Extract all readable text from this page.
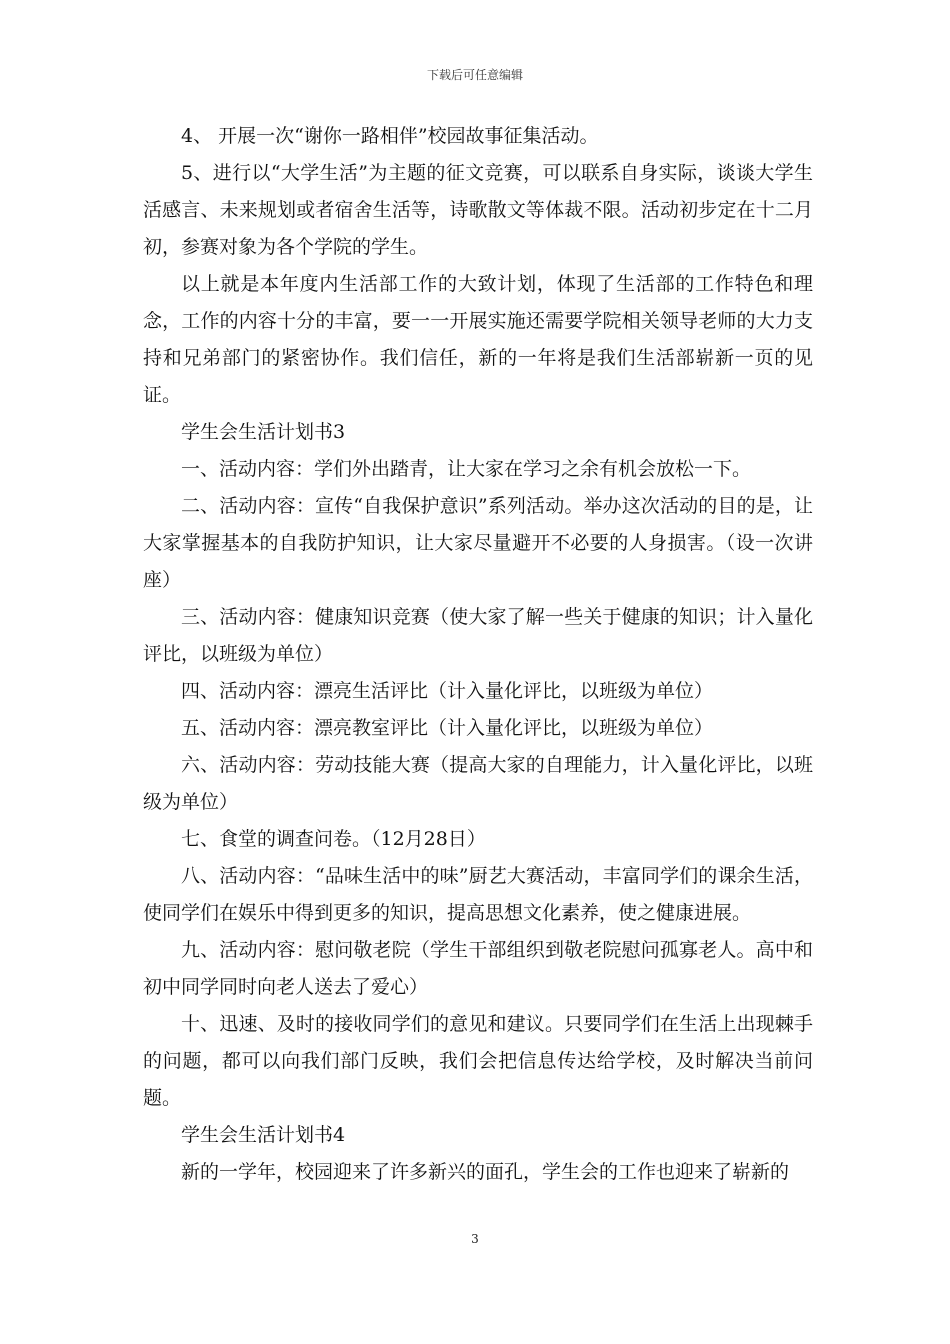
下载后可任意编辑

4、 开展一次“谢你一路相伴”校园故事征集活动。

5、进行以“大学生活”为主题的征文竞赛，可以联系自身实际，谈谈大学生活感言、未来规划或者宿舍生活等，诗歌散文等体裁不限。活动初步定在十二月初，参赛对象为各个学院的学生。

以上就是本年度内生活部工作的大致计划，体现了生活部的工作特色和理念，工作的内容十分的丰富，要一一开展实施还需要学院相关领导老师的大力支持和兄弟部门的紧密协作。我们信任，新的一年将是我们生活部崭新一页的见证。

学生会生活计划书3

一、活动内容：学们外出踏青，让大家在学习之余有机会放松一下。

二、活动内容：宣传“自我保护意识”系列活动。举办这次活动的目的是，让大家掌握基本的自我防护知识，让大家尽量避开不必要的人身损害。（设一次讲座）

三、活动内容：健康知识竞赛（使大家了解一些关于健康的知识；计入量化评比，以班级为单位）

四、活动内容：漂亮生活评比（计入量化评比，以班级为单位）

五、活动内容：漂亮教室评比（计入量化评比，以班级为单位）

六、活动内容：劳动技能大赛（提高大家的自理能力，计入量化评比，以班级为单位）

七、食堂的调查问卷。（12月28日）

八、活动内容：“品味生活中的味”厨艺大赛活动，丰富同学们的课余生活，使同学们在娱乐中得到更多的知识，提高思想文化素养，使之健康进展。

九、活动内容：慰问敬老院（学生干部组织到敬老院慰问孤寡老人。高中和初中同学同时向老人送去了爱心）

十、迅速、及时的接收同学们的意见和建议。只要同学们在生活上出现棘手的问题，都可以向我们部门反映，我们会把信息传达给学校，及时解决当前问题。

学生会生活计划书4

新的一学年，校园迎来了许多新兴的面孔，学生会的工作也迎来了崭新的

3
